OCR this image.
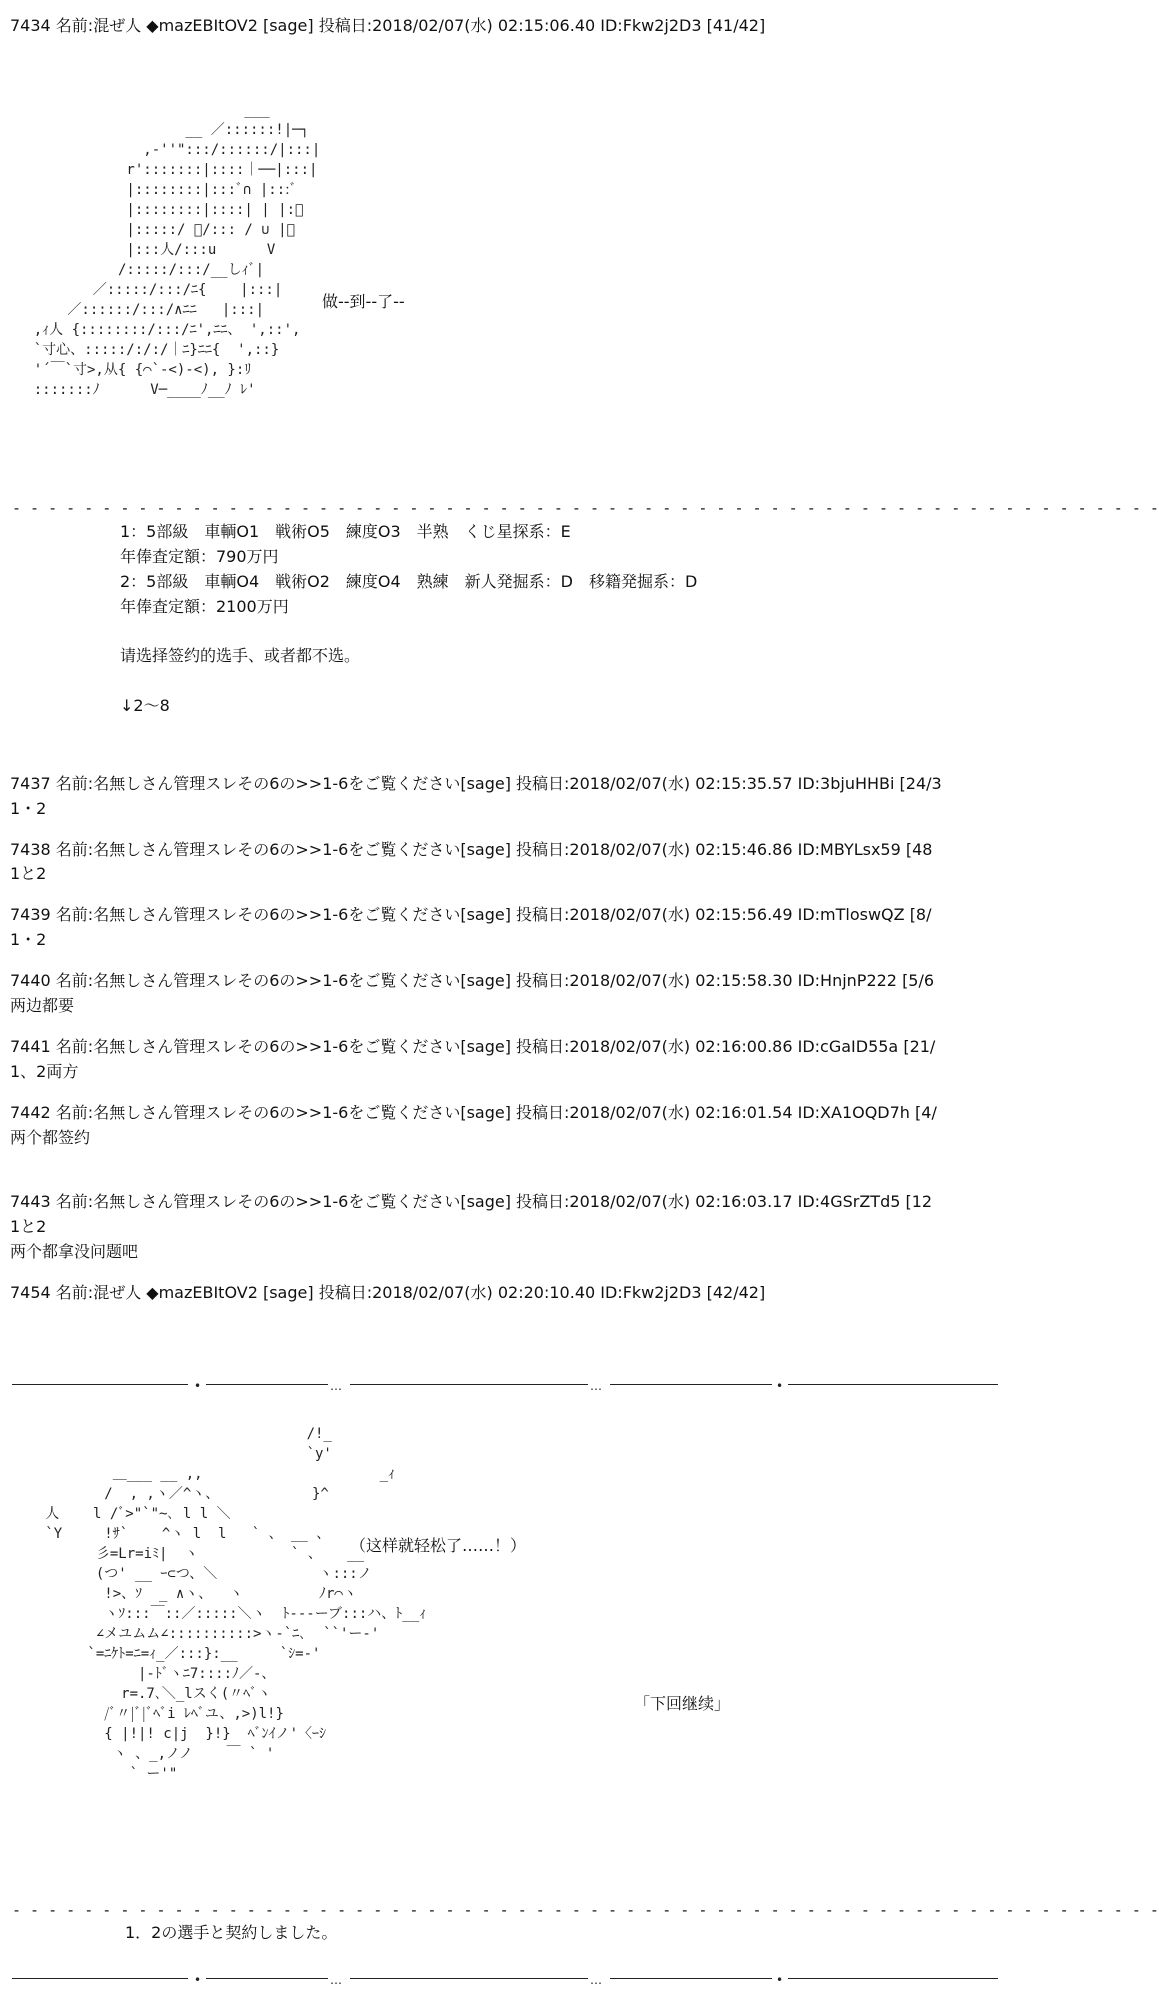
7434 名前:混ぜ人 ◆mazEBItOV2 [sage] 投稿日:2018/02/07(水) 02:15:06.40 ID:Fkw2j2D3 [41/42]
___
__ ／::::::!|─┐
,-''":::/::::::/|:::|
r':::::::|::::｜──|:::|
|::::::::|:::ﾞ∩ |:::ﾞ
|::::::::|::::| | |:ﾞ
|:::::/ ﾞ/::: / ∪ |ﾞ
|:::人/:::u      V
/:::::/:::/__しｨﾞ|
／:::::/:::/ﾆ{    |:::|
／::::::/:::/∧ﾆﾆ   |:::|
,ｨ人 {::::::::/:::/ﾆ',ﾆﾆ、 ',::',
`寸心、:::::/:/:/｜ﾆ}ﾆﾆ{  ',::}
'´￣`寸>,从{ {⌒`-<)-<), }:ﾘ
:::::::ﾉ      V─____ﾉ__ﾉ ﾚ'
做--到--了--
- - - - - - - - - - - - - - - - - - - - - - - - - - - - - - - - - - - - - - - - - - - - - - - - - - - - - - - - - - - - - - - -
1：5部級　車輌O1　戦術O5　練度O3　半熟　くじ星探系：E
年俸査定額：790万円
2：5部級　車輌O4　戦術O2　練度O4　熟練　新人発掘系：D　移籍発掘系：D
年俸査定額：2100万円
请选择签约的选手、或者都不选。
↓2～8
7437 名前:名無しさん管理スレその6の>>1-6をご覧ください[sage] 投稿日:2018/02/07(水) 02:15:35.57 ID:3bjuHHBi [24/3
1・2
7438 名前:名無しさん管理スレその6の>>1-6をご覧ください[sage] 投稿日:2018/02/07(水) 02:15:46.86 ID:MBYLsx59 [48
1と2
7439 名前:名無しさん管理スレその6の>>1-6をご覧ください[sage] 投稿日:2018/02/07(水) 02:15:56.49 ID:mTloswQZ [8/
1・2
7440 名前:名無しさん管理スレその6の>>1-6をご覧ください[sage] 投稿日:2018/02/07(水) 02:15:58.30 ID:HnjnP222 [5/6
两边都要
7441 名前:名無しさん管理スレその6の>>1-6をご覧ください[sage] 投稿日:2018/02/07(水) 02:16:00.86 ID:cGaID55a [21/
1、2両方
7442 名前:名無しさん管理スレその6の>>1-6をご覧ください[sage] 投稿日:2018/02/07(水) 02:16:01.54 ID:XA1OQD7h [4/
两个都签约
7443 名前:名無しさん管理スレその6の>>1-6をご覧ください[sage] 投稿日:2018/02/07(水) 02:16:03.17 ID:4GSrZTd5 [12
1と2
两个都拿没问题吧
7454 名前:混ぜ人 ◆mazEBItOV2 [sage] 投稿日:2018/02/07(水) 02:20:10.40 ID:Fkw2j2D3 [42/42]
•	…	…	•
/!_
`y'
＿___ __ ,,                     _ｨ
/  , ,ヽ／^ヽ、           }^
人    l /ﾞ>"`"~､ l l ＼
`Y     !ｻ`    ^ヽ l  l   ` 、 __ 、
彡=Lr=iﾐ|  ヽ           ` 、   __
(つ' __ ｰ⊂つ、＼            ヽ:::ノ
!>、ｿ  _ ∧ヽ、  ヽ         ﾉr⌒ヽ
ヽｿ:::￣::／:::::＼ヽ  ﾄ--‐ーブ:::ハ、ﾄ__ｨ
∠メユムム∠::::::::::>ヽ-`ﾆ､  ``'ー-'
`=ﾆｹﾄ=ﾆ=ｨ_／:::}:__     `ｼ=-'
|-ﾄﾞヽﾆ7::::ﾉ／-、
r=.7､＼_lスく(〃ﾍﾞヽ
/ﾞ〃|ﾞ|ﾞﾍﾞi ﾚﾍﾞユ、,>)l!}
{ |!|! c|j  }!}  ﾍﾞﾝｲノ'〈ｰｼ
ヽ 、_,ノノ    ￣ ` '
` ー'"
（这样就轻松了……！）
「下回继续」
- - - - - - - - - - - - - - - - - - - - - - - - - - - - - - - - - - - - - - - - - - - - - - - - - - - - - - - - - - - - - - - -
1．2の選手と契約しました。
•	…	…	•
